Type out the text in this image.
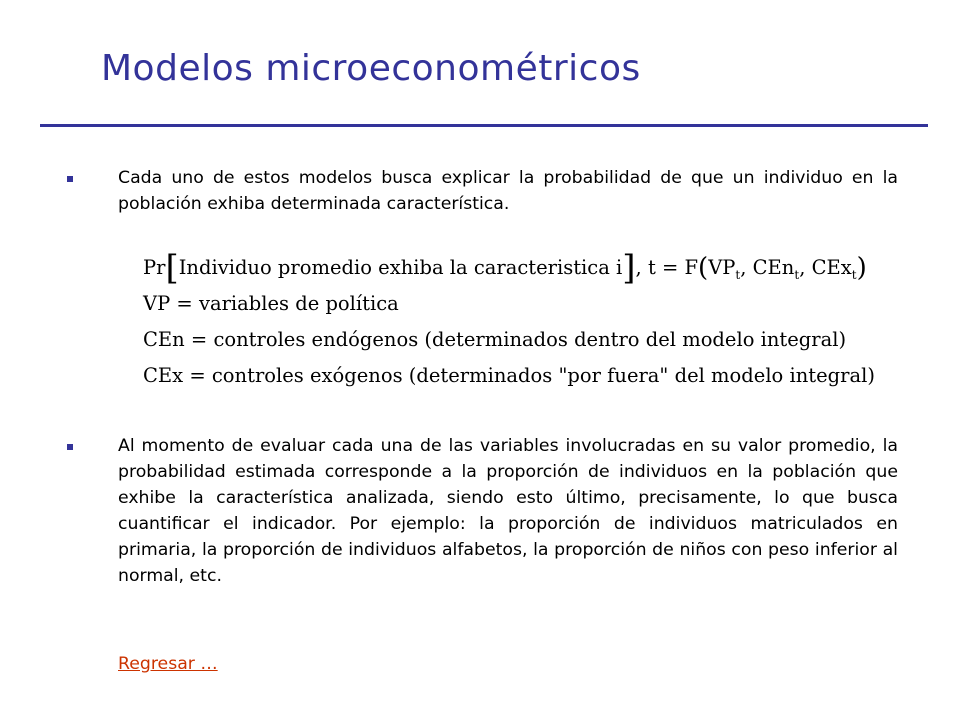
Modelos microeconométricos

Cada uno de estos modelos busca explicar la probabilidad de que un individuo en la población exhiba determinada característica.

Pr[Individuo promedio exhiba la caracteristica i], $t = F(VP_t$, CEn$_t$, CEx$_t$)
VP = variables de política
CEn = controles endógenos (determinados dentro del modelo integral)
CEx = controles exógenos (determinados "por fuera" del modelo integral)

Al momento de evaluar cada una de las variables involucradas en su valor promedio, la probabilidad estimada corresponde a la proporción de individuos en la población que exhibe la característica analizada, siendo esto último, precisamente, lo que busca cuantificar el indicador. Por ejemplo: la proporción de individuos matriculados en primaria, la proporción de individuos alfabetos, la proporción de niños con peso inferior al normal, etc.

Regresar …
